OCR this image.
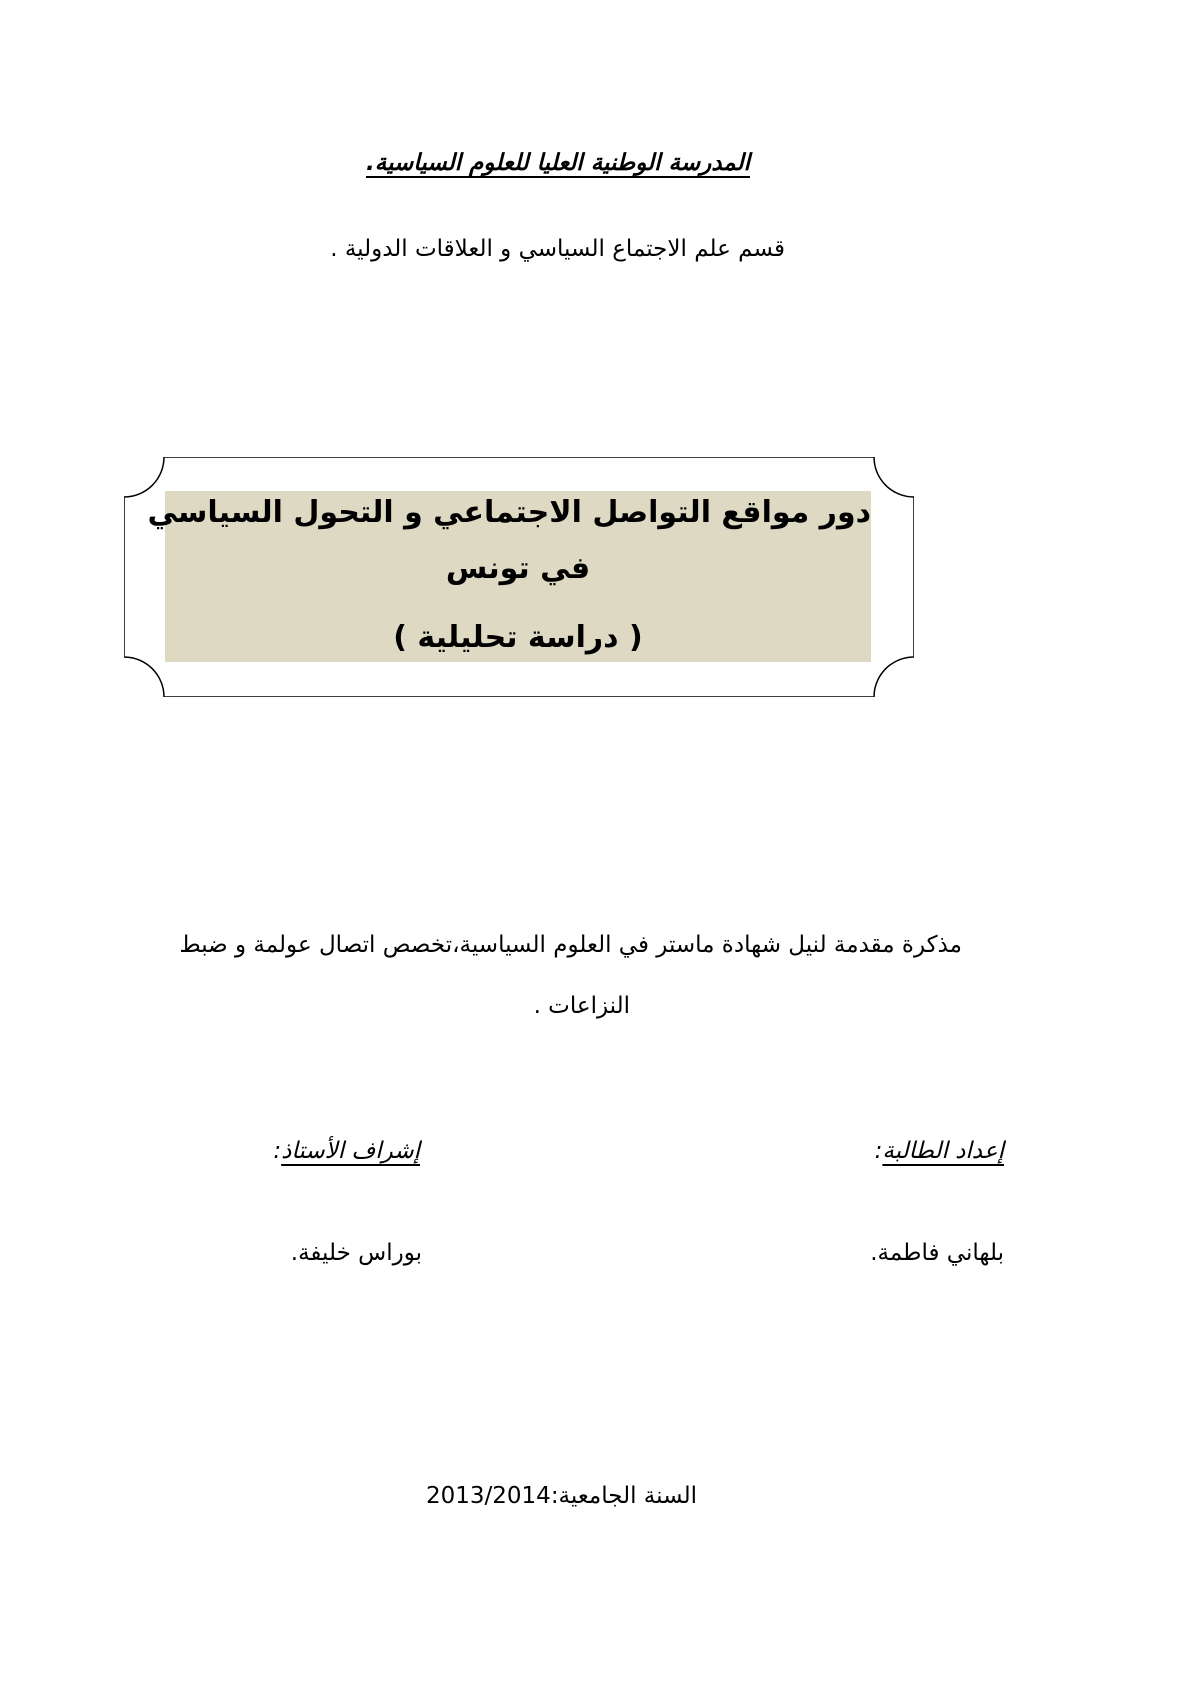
المدرسة الوطنية العليا للعلوم السياسية.
قسم علم الاجتماع السياسي و العلاقات الدولية .
دور مواقع التواصل الاجتماعي و التحول السياسي
في تونس
( دراسة تحليلية )
مذكرة مقدمة لنيل شهادة ماستر في العلوم السياسية،تخصص اتصال عولمة و ضبط
النزاعات .
إعداد الطالبة:
إشراف الأستاذ:
بلهاني فاطمة.
بوراس خليفة.
السنة الجامعية:2013/2014
